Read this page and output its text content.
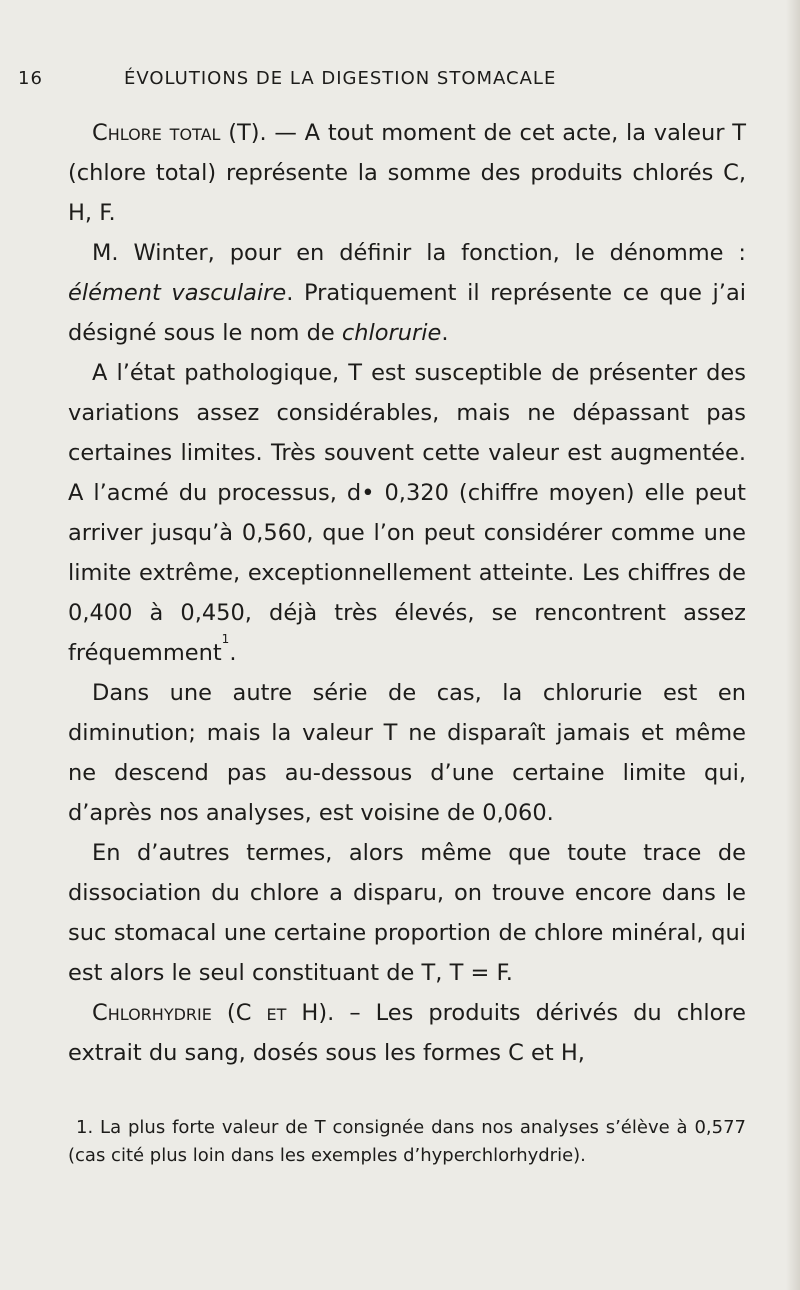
16	ÉVOLUTIONS DE LA DIGESTION STOMACALE

Chlore total (T). — A tout moment de cet acte, la valeur T (chlore total) représente la somme des produits chlorés C, H, F.

M. Winter, pour en définir la fonction, le dénomme : élément vasculaire. Pratiquement il représente ce que j’ai désigné sous le nom de chlorurie.

A l’état pathologique, T est susceptible de présenter des variations assez considérables, mais ne dépassant pas certaines limites. Très souvent cette valeur est augmentée. A l’acmé du processus, d• 0,320 (chiffre moyen) elle peut arriver jusqu’à 0,560, que l’on peut considérer comme une limite extrême, exceptionnellement atteinte. Les chiffres de 0,400 à 0,450, déjà très élevés, se rencontrent assez fréquemment$^1$.

Dans une autre série de cas, la chlorurie est en diminution; mais la valeur T ne disparaît jamais et même ne descend pas au-dessous d’une certaine limite qui, d’après nos analyses, est voisine de 0,060.

En d’autres termes, alors même que toute trace de dissociation du chlore a disparu, on trouve encore dans le suc stomacal une certaine proportion de chlore minéral, qui est alors le seul constituant de T, T = F.

Chlorhydrie (C et H). – Les produits dérivés du chlore extrait du sang, dosés sous les formes C et H,

1. La plus forte valeur de T consignée dans nos analyses s’élève à 0,577 (cas cité plus loin dans les exemples d’hyperchlorhydrie).
